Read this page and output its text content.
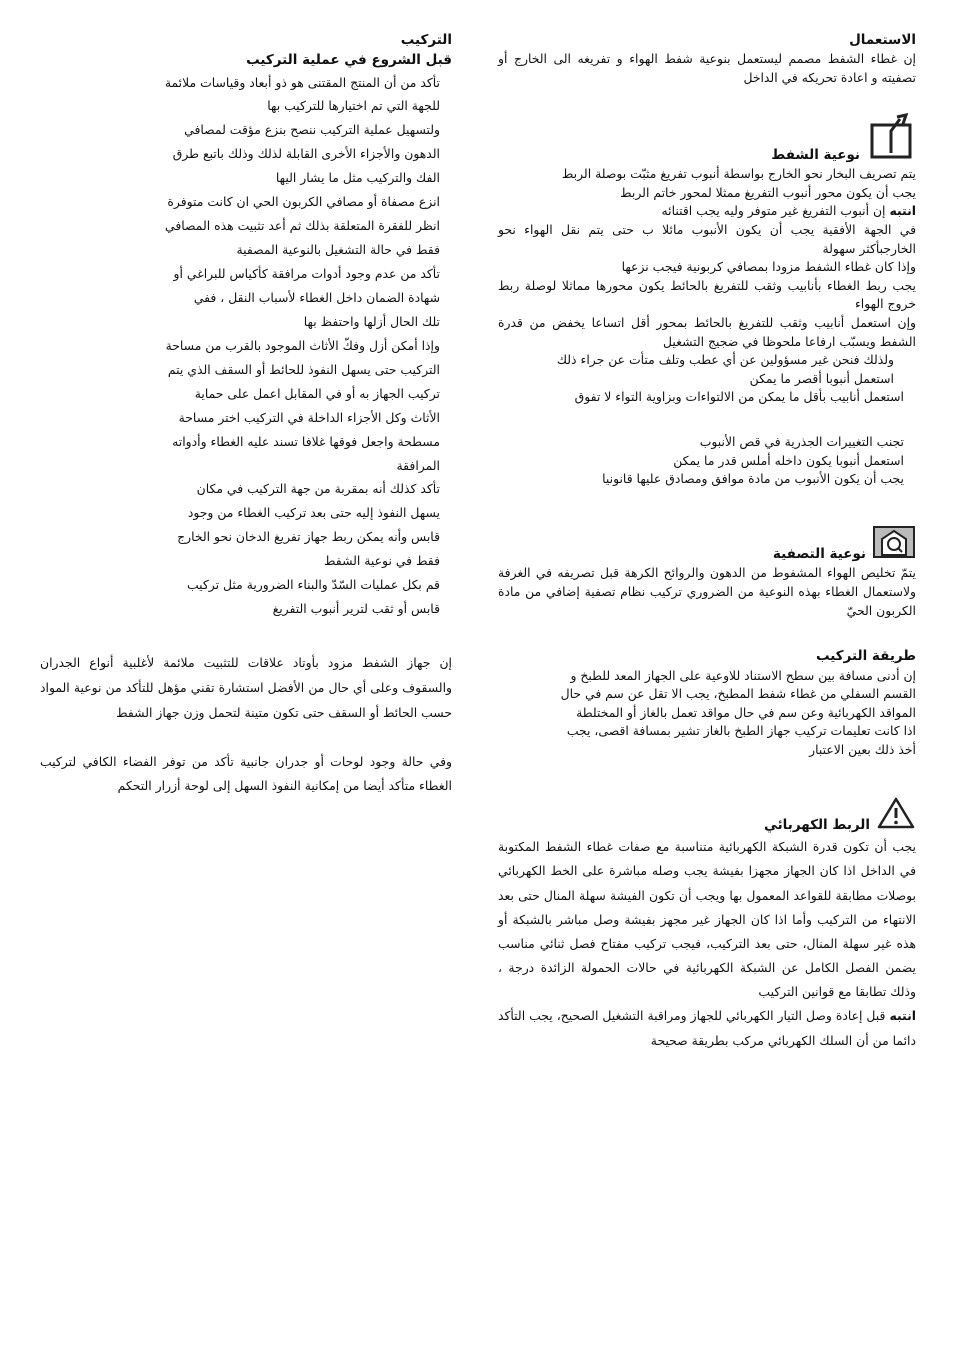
الاستعمال

إن غطاء الشفط مصمم ليستعمل بنوعية شفط الهواء و تفريغه الى الخارج أو تصفيته و اعادة تحريكه في الداخل

نوعية الشفط

يتم تصريف البخار نحو الخارج بواسطة أنبوب تفريغ مثبّت بوصلة الربط

يجب أن يكون محور أنبوب التفريغ ممثلا لمحور خاتم الربط

انتبه إن أنبوب التفريغ غير متوفر وليه يجب اقتنائه

في الجهة الأفقية يجب أن يكون الأنبوب مائلا ب حتى يتم نقل الهواء نحو الخارجبأكثر سهولة

وإذا كان غطاء الشفط مزودا بمصافي كربونية فيجب نزعها

يجب ربط الغطاء بأنابيب وثقب للتفريغ بالحائط يكون محورها مماثلا لوصلة ربط خروج الهواء

وإن استعمل أنابيب وثقب للتفريغ بالحائط بمحور أقل اتساعا يخفض من قدرة الشفط ويسبّب ارفاعا ملحوظا في ضجيج التشغيل

ولذلك فنحن غير مسؤولين عن أي عطب وتلف متأت عن جراء ذلك

استعمل أنبوبا أقصر ما يمكن

استعمل أنابيب بأقل ما يمكن من الالتواءات وبزاوية التواء لا تفوق

تجنب التغييرات الجذرية في قص الأنبوب

استعمل أنبوبا يكون داخله أملس قدر ما يمكن

يجب أن يكون الأنبوب من مادة موافق ومصادق عليها قانونيا

نوعية التصفية

يتمّ تخليص الهواء المشفوط من الدهون والروائح الكرهة قبل تصريفه في الغرفة ولاستعمال الغطاء بهذه النوعية من الضروري تركيب نظام تصفية إضافي من مادة الكربون الحيّ

طريقة التركيب

إن أدنى مسافة بين سطح الاستناد للاوعية على الجهاز المعد للطبخ و

القسم السفلي من غطاء شفط المطبخ، يجب الا تقل عن سم في حال

المواقد الكهربائية وعن سم في حال مواقد تعمل بالغاز أو المختلطة

اذا كانت تعليمات تركيب جهاز الطبخ بالغاز تشير بمسافة اقصى، يجب

أخذ ذلك بعين الاعتبار

الربط الكهربائي

يجب أن تكون قدرة الشبكة الكهربائية متناسبة مع صفات غطاء الشفط المكتوبة في الداخل اذا كان الجهاز مجهزا بفيشة يجب وصله مباشرة على الخط الكهربائي بوصلات مطابقة للقواعد المعمول بها ويجب أن تكون الفيشة سهلة المنال حتى بعد الانتهاء من التركيب وأما اذا كان الجهاز غير مجهز بفيشة وصل مباشر بالشبكة أو هذه غير سهلة المنال، حتى بعد التركيب، فيجب تركيب مفتاح فصل ثنائي مناسب يضمن الفصل الكامل عن الشبكة الكهربائية في حالات الحمولة الزائدة درجة ، وذلك تطابقا مع قوانين التركيب

انتبه قبل إعادة وصل التيار الكهربائي للجهاز ومراقبة التشغيل الصحيح، يجب التأكد دائما من أن السلك الكهربائي مركب بطريقة صحيحة

التركيب

قبل الشروع في عملية التركيب

تأكد من أن المنتج المقتنى هو ذو أبعاد وقياسات ملائمة

للجهة التي تم اختيارها للتركيب بها

ولتسهيل عملية التركيب ننصح بنزع مؤقت لمصافي

الدهون والأجزاء الأخرى القابلة لذلك وذلك باتبع طرق

الفك والتركيب مثل ما يشار اليها

انزع مصفاة أو مصافي الكربون الحي ان كانت متوفرة

انظر للفقرة المتعلقة بذلك ثم أعد تثبيت هذه المصافي

فقط في حالة التشغيل بالنوعية المصفية

تأكد من عدم وجود أدوات مرافقة كأكياس للبراغي أو

شهادة الضمان داخل الغطاء لأسباب النقل ، ففي

تلك الحال أزلها واحتفظ بها

وإذا أمكن أزل وفكّ الأثاث الموجود بالقرب من مساحة

التركيب حتى يسهل النفوذ للحائط أو السقف الذي يتم

تركيب الجهاز به أو في المقابل اعمل على حماية

الأثاث وكل الأجزاء الداخلة في التركيب اختر مساحة

مسطحة واجعل فوقها غلافا تسند عليه الغطاء وأدواته

المرافقة

تأكد كذلك أنه بمقربة من جهة التركيب في مكان

يسهل النفوذ إليه حتى بعد تركيب الغطاء من وجود

قابس وأنه يمكن ربط جهاز تفريغ الدخان نحو الخارج

فقط في نوعية الشفط

قم بكل عمليات السّدّ والبناء الضرورية مثل تركيب

قابس أو ثقب لترير أنبوب التفريغ

إن جهاز الشفط مزود بأوتاد علاقات للتثبيت ملائمة لأغلبية أنواع الجدران والسقوف وعلى أي حال من الأفضل استشارة تقني مؤهل للتأكد من نوعية المواد حسب الحائط أو السقف حتى تكون متينة لتحمل وزن جهاز الشفط

وفي حالة وجود لوحات أو جدران جانبية تأكد من توفر الفضاء الكافي لتركيب الغطاء متأكد أيضا من إمكانية النفوذ السهل إلى لوحة أزرار التحكم
